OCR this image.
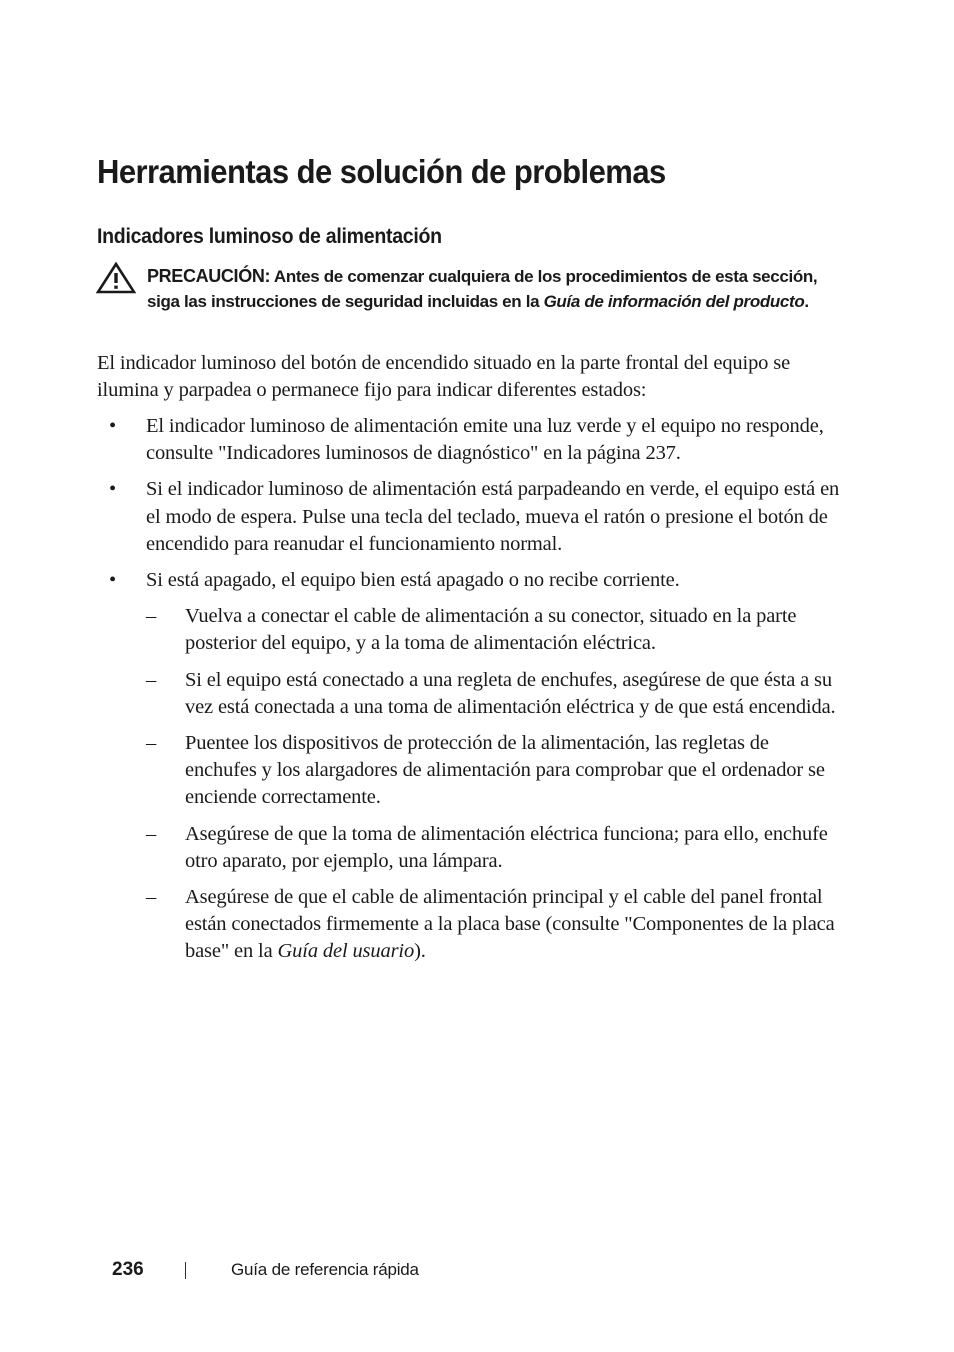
Herramientas de solución de problemas
Indicadores luminoso de alimentación
PRECAUCIÓN: Antes de comenzar cualquiera de los procedimientos de esta sección, siga las instrucciones de seguridad incluidas en la Guía de información del producto.

El indicador luminoso del botón de encendido situado en la parte frontal del equipo se ilumina y parpadea o permanece fijo para indicar diferentes estados:

• El indicador luminoso de alimentación emite una luz verde y el equipo no responde, consulte "Indicadores luminosos de diagnóstico" en la página 237.
• Si el indicador luminoso de alimentación está parpadeando en verde, el equipo está en el modo de espera. Pulse una tecla del teclado, mueva el ratón o presione el botón de encendido para reanudar el funcionamiento normal.
• Si está apagado, el equipo bien está apagado o no recibe corriente.
– Vuelva a conectar el cable de alimentación a su conector, situado en la parte posterior del equipo, y a la toma de alimentación eléctrica.
– Si el equipo está conectado a una regleta de enchufes, asegúrese de que ésta a su vez está conectada a una toma de alimentación eléctrica y de que está encendida.
– Puentee los dispositivos de protección de la alimentación, las regletas de enchufes y los alargadores de alimentación para comprobar que el ordenador se enciende correctamente.
– Asegúrese de que la toma de alimentación eléctrica funciona; para ello, enchufe otro aparato, por ejemplo, una lámpara.
– Asegúrese de que el cable de alimentación principal y el cable del panel frontal están conectados firmemente a la placa base (consulte "Componentes de la placa base" en la Guía del usuario).
236	Guía de referencia rápida
